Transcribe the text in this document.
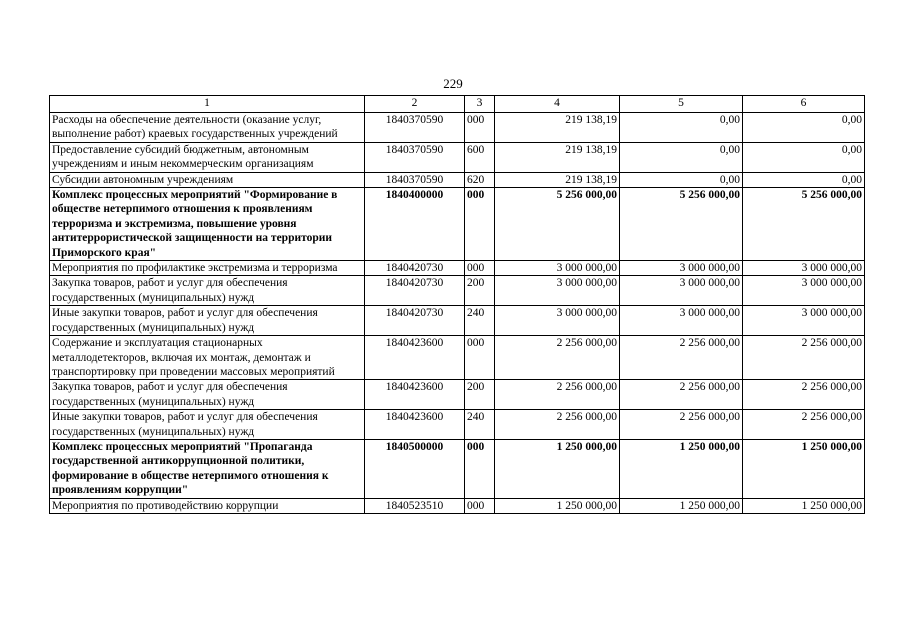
229
1	2	3	4	5	6
Расходы на обеспечение деятельности (оказание услуг, выполнение работ) краевых государственных учреждений	1840370590	000	219 138,19	0,00	0,00
Предоставление субсидий бюджетным, автономным учреждениям и иным некоммерческим организациям	1840370590	600	219 138,19	0,00	0,00
Субсидии автономным учреждениям	1840370590	620	219 138,19	0,00	0,00
Комплекс процессных мероприятий "Формирование в обществе нетерпимого отношения к проявлениям терроризма и экстремизма, повышение уровня антитеррористической защищенности на территории Приморского края"	1840400000	000	5 256 000,00	5 256 000,00	5 256 000,00
Мероприятия по профилактике экстремизма и терроризма	1840420730	000	3 000 000,00	3 000 000,00	3 000 000,00
Закупка товаров, работ и услуг для обеспечения государственных (муниципальных) нужд	1840420730	200	3 000 000,00	3 000 000,00	3 000 000,00
Иные закупки товаров, работ и услуг для обеспечения государственных (муниципальных) нужд	1840420730	240	3 000 000,00	3 000 000,00	3 000 000,00
Содержание и эксплуатация стационарных металлодетекторов, включая их монтаж, демонтаж и транспортировку при проведении массовых мероприятий	1840423600	000	2 256 000,00	2 256 000,00	2 256 000,00
Закупка товаров, работ и услуг для обеспечения государственных (муниципальных) нужд	1840423600	200	2 256 000,00	2 256 000,00	2 256 000,00
Иные закупки товаров, работ и услуг для обеспечения государственных (муниципальных) нужд	1840423600	240	2 256 000,00	2 256 000,00	2 256 000,00
Комплекс процессных мероприятий "Пропаганда государственной антикоррупционной политики, формирование в обществе нетерпимого отношения к проявлениям коррупции"	1840500000	000	1 250 000,00	1 250 000,00	1 250 000,00
Мероприятия по противодействию коррупции	1840523510	000	1 250 000,00	1 250 000,00	1 250 000,00
